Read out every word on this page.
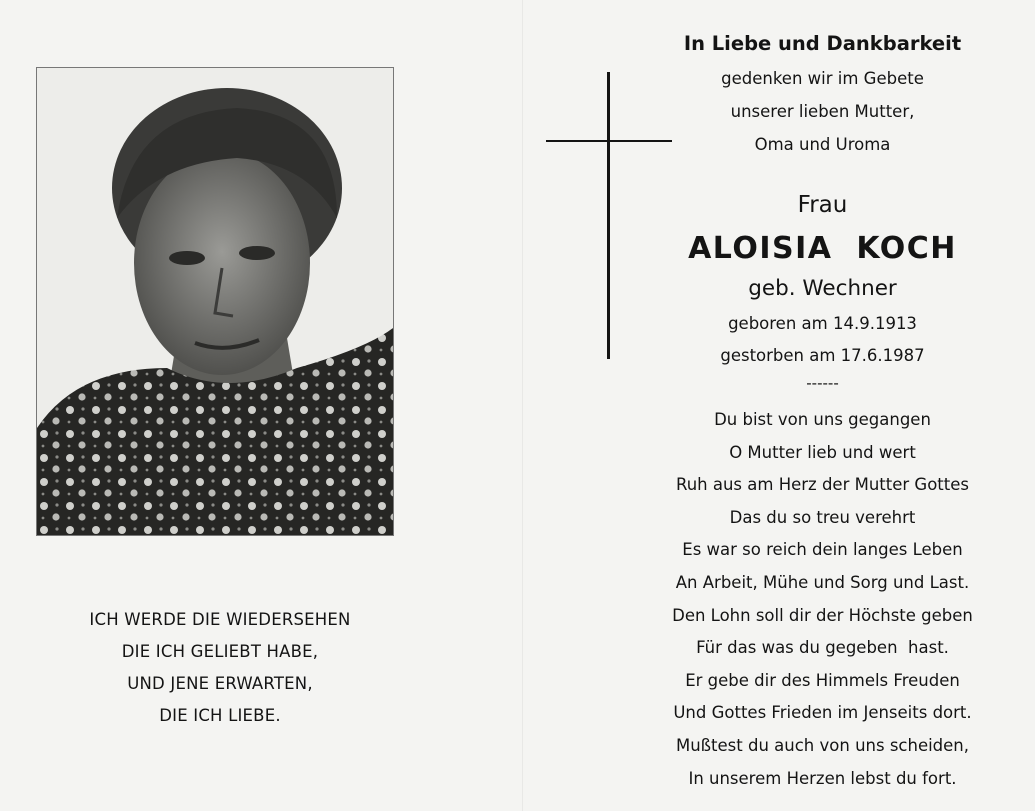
ICH WERDE DIE WIEDERSEHEN
DIE ICH GELIEBT HABE,
UND JENE ERWARTEN,
DIE ICH LIEBE.
In Liebe und Dankbarkeit
gedenken wir im Gebete
unserer lieben Mutter,
Oma und Uroma
Frau
ALOISIA  KOCH
geb. Wechner
geboren am 14.9.1913
gestorben am 17.6.1987
------
Du bist von uns gegangen
O Mutter lieb und wert
Ruh aus am Herz der Mutter Gottes
Das du so treu verehrt
Es war so reich dein langes Leben
An Arbeit, Mühe und Sorg und Last.
Den Lohn soll dir der Höchste geben
Für das was du gegeben  hast.
Er gebe dir des Himmels Freuden
Und Gottes Frieden im Jenseits dort.
Mußtest du auch von uns scheiden,
In unserem Herzen lebst du fort.
